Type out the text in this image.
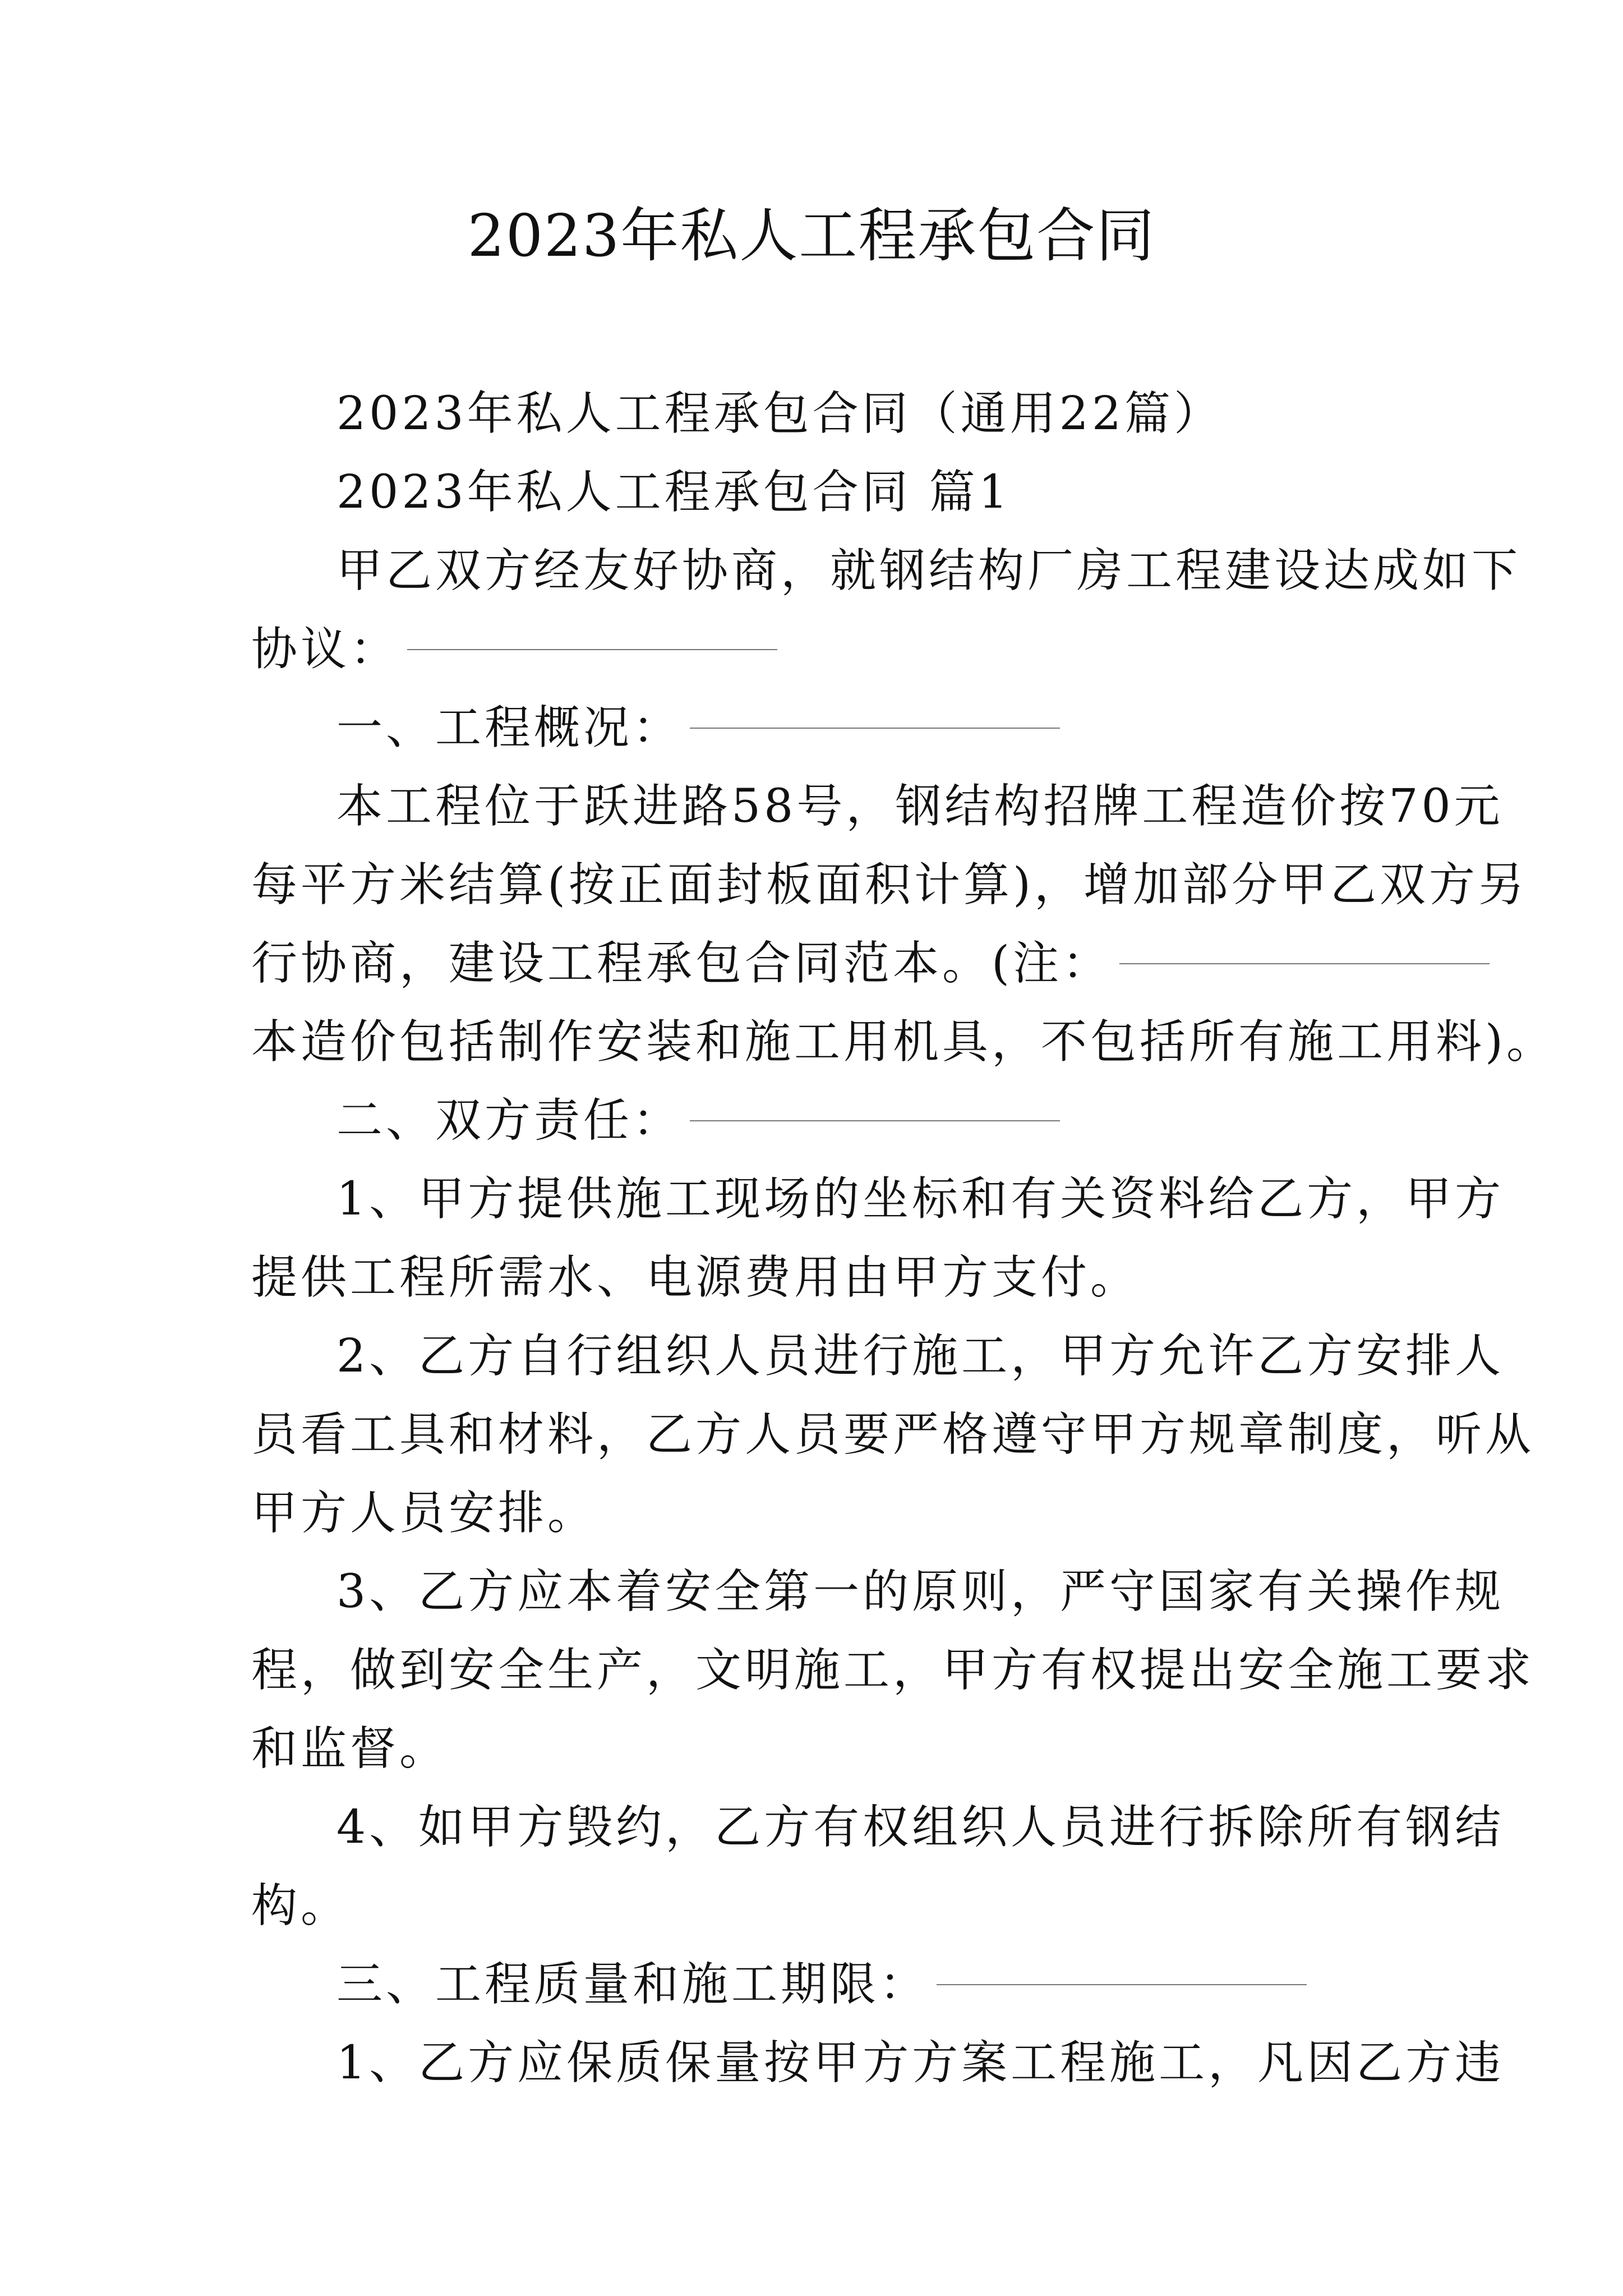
2023年私人工程承包合同
2023年私人工程承包合同（通用22篇）
2023年私人工程承包合同 篇1
甲乙双方经友好协商，就钢结构厂房工程建设达成如下
协议：
一、工程概况：
本工程位于跃进路58号，钢结构招牌工程造价按70元
每平方米结算(按正面封板面积计算)，增加部分甲乙双方另
行协商，建设工程承包合同范本。(注：
本造价包括制作安装和施工用机具，不包括所有施工用料)。
二、双方责任：
1、甲方提供施工现场的坐标和有关资料给乙方，甲方
提供工程所需水、电源费用由甲方支付。
2、乙方自行组织人员进行施工，甲方允许乙方安排人
员看工具和材料，乙方人员要严格遵守甲方规章制度，听从
甲方人员安排。
3、乙方应本着安全第一的原则，严守国家有关操作规
程，做到安全生产，文明施工，甲方有权提出安全施工要求
和监督。
4、如甲方毁约，乙方有权组织人员进行拆除所有钢结
构。
三、工程质量和施工期限：
1、乙方应保质保量按甲方方案工程施工，凡因乙方违
